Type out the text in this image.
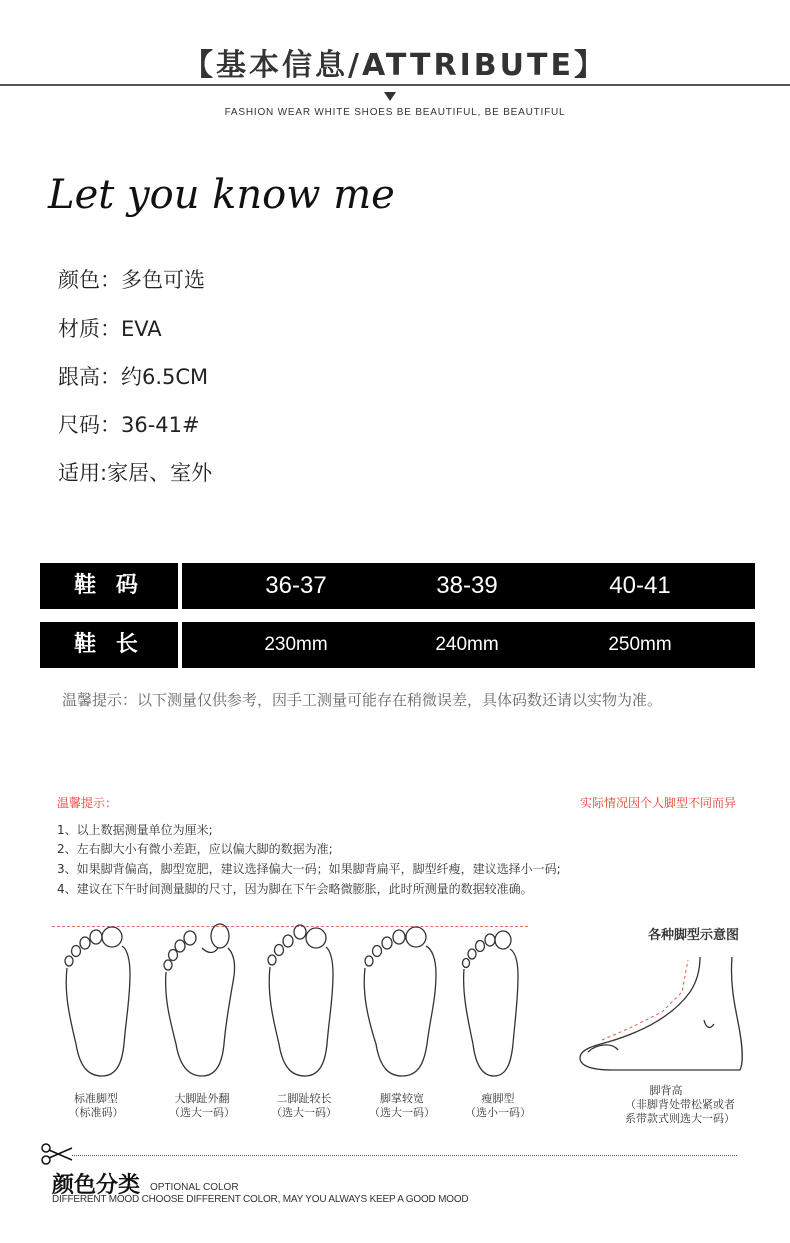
【基本信息/ATTRIBUTE】
FASHION WEAR WHITE SHOES BE BEAUTIFUL, BE BEAUTIFUL
Let you know me
颜色：多色可选
材质：EVA
跟高：约6.5CM
尺码：36-41#
适用:家居、室外
鞋 码	36-37	38-39	40-41
鞋 长	230mm	240mm	250mm
温馨提示：以下测量仅供参考，因手工测量可能存在稍微误差，具体码数还请以实物为准。
温馨提示：	实际情况因个人脚型不同而异
1、以上数据测量单位为厘米;
2、左右脚大小有微小差距，应以偏大脚的数据为准;
3、如果脚背偏高，脚型宽肥，建议选择偏大一码；如果脚背扁平，脚型纤瘦，建议选择小一码;
4、建议在下午时间测量脚的尺寸，因为脚在下午会略微膨胀，此时所测量的数据较准确。
标准脚型
（标准码）
大脚趾外翻
（选大一码）
二脚趾较长
（选大一码）
脚掌较宽
（选大一码）
瘦脚型
（选小一码）
各种脚型示意图
脚背高
（非脚背处带松紧或者
系带款式则选大一码）
颜色分类 OPTIONAL COLOR
DIFFERENT MOOD CHOOSE DIFFERENT COLOR, MAY YOU ALWAYS KEEP A GOOD MOOD
